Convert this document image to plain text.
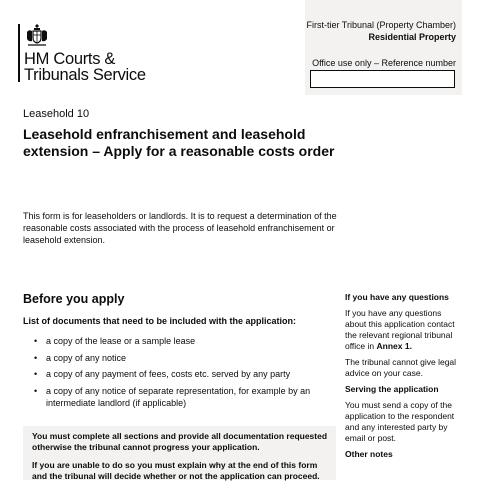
HM Courts &
Tribunals Service
First-tier Tribunal (Property Chamber)
Residential Property
Office use only – Reference number
Leasehold 10
Leasehold enfranchisement and leasehold extension – Apply for a reasonable costs order
This form is for leaseholders or landlords. It is to request a determination of the reasonable costs associated with the process of leasehold enfranchisement or leasehold extension.
Before you apply
List of documents that need to be included with the application:
• a copy of the lease or a sample lease
• a copy of any notice
• a copy of any payment of fees, costs etc. served by any party
• a copy of any notice of separate representation, for example by an intermediate landlord (if applicable)

You must complete all sections and provide all documentation requested otherwise the tribunal cannot progress your application.

If you are unable to do so you must explain why at the end of this form and the tribunal will decide whether or not the application can proceed.

If you have any questions

If you have any questions about this application contact the relevant regional tribunal office in Annex 1.

The tribunal cannot give legal advice on your case.

Serving the application

You must send a copy of the application to the respondent and any interested party by email or post.

Other notes
